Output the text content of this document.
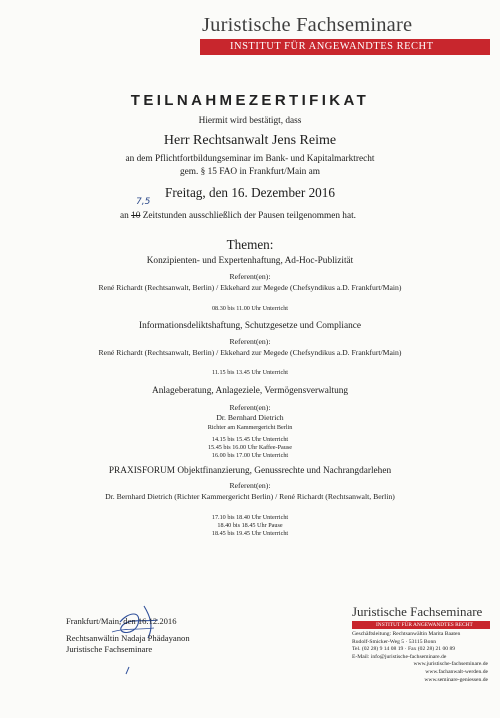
Juristische Fachseminare
INSTITUT FÜR ANGEWANDTES RECHT
TEILNAHMEZERTIFIKAT
Hiermit wird bestätigt, dass
Herr Rechtsanwalt Jens Reime
an dem Pflichtfortbildungseminar im Bank- und Kapitalmarktrecht
gem. § 15 FAO in Frankfurt/Main am
Freitag, den 16. Dezember 2016
an 10 Zeitstunden ausschließlich der Pausen teilgenommen hat.
7,5
Themen:
Konzipienten- und Expertenhaftung, Ad-Hoc-Publizität
Referent(en):
René Richardt (Rechtsanwalt, Berlin) / Ekkehard zur Megede (Chefsyndikus a.D. Frankfurt/Main)
08.30 bis 11.00 Uhr Unterricht
Informationsdeliktshaftung, Schutzgesetze und Compliance
Referent(en):
René Richardt (Rechtsanwalt, Berlin) / Ekkehard zur Megede (Chefsyndikus a.D. Frankfurt/Main)
11.15 bis 13.45 Uhr Unterricht
Anlageberatung, Anlageziele, Vermögensverwaltung
Referent(en):
Dr. Bernhard Dietrich
Richter am Kammergericht Berlin
14.15 bis 15.45 Uhr Unterricht
15.45 bis 16.00 Uhr Kaffee-Pause
16.00 bis 17.00 Uhr Unterricht
PRAXISFORUM Objektfinanzierung, Genussrechte und Nachrangdarlehen
Referent(en):
Dr. Bernhard Dietrich (Richter Kammergericht Berlin) / René Richardt (Rechtsanwalt, Berlin)
17.10 bis 18.40 Uhr Unterricht
18.40 bis 18.45 Uhr Pause
18.45 bis 19.45 Uhr Unterricht
Frankfurt/Main, den 16.12.2016
Rechtsanwältin Nadaja Phädayanon
Juristische Fachseminare
Juristische Fachseminare
INSTITUT FÜR ANGEWANDTES RECHT
Geschäftsleitung: Rechtsanwältin Marita Baaten
Rudolf-Smicker-Weg 5 · 53115 Bonn
Tel. (02 28) 9 14 08 19 · Fax (02 28) 21 00 89
E-Mail: info@juristische-fachseminare.de
www.juristische-fachseminare.de
www.fachanwalt-werden.de
www.seminare-geniessen.de
